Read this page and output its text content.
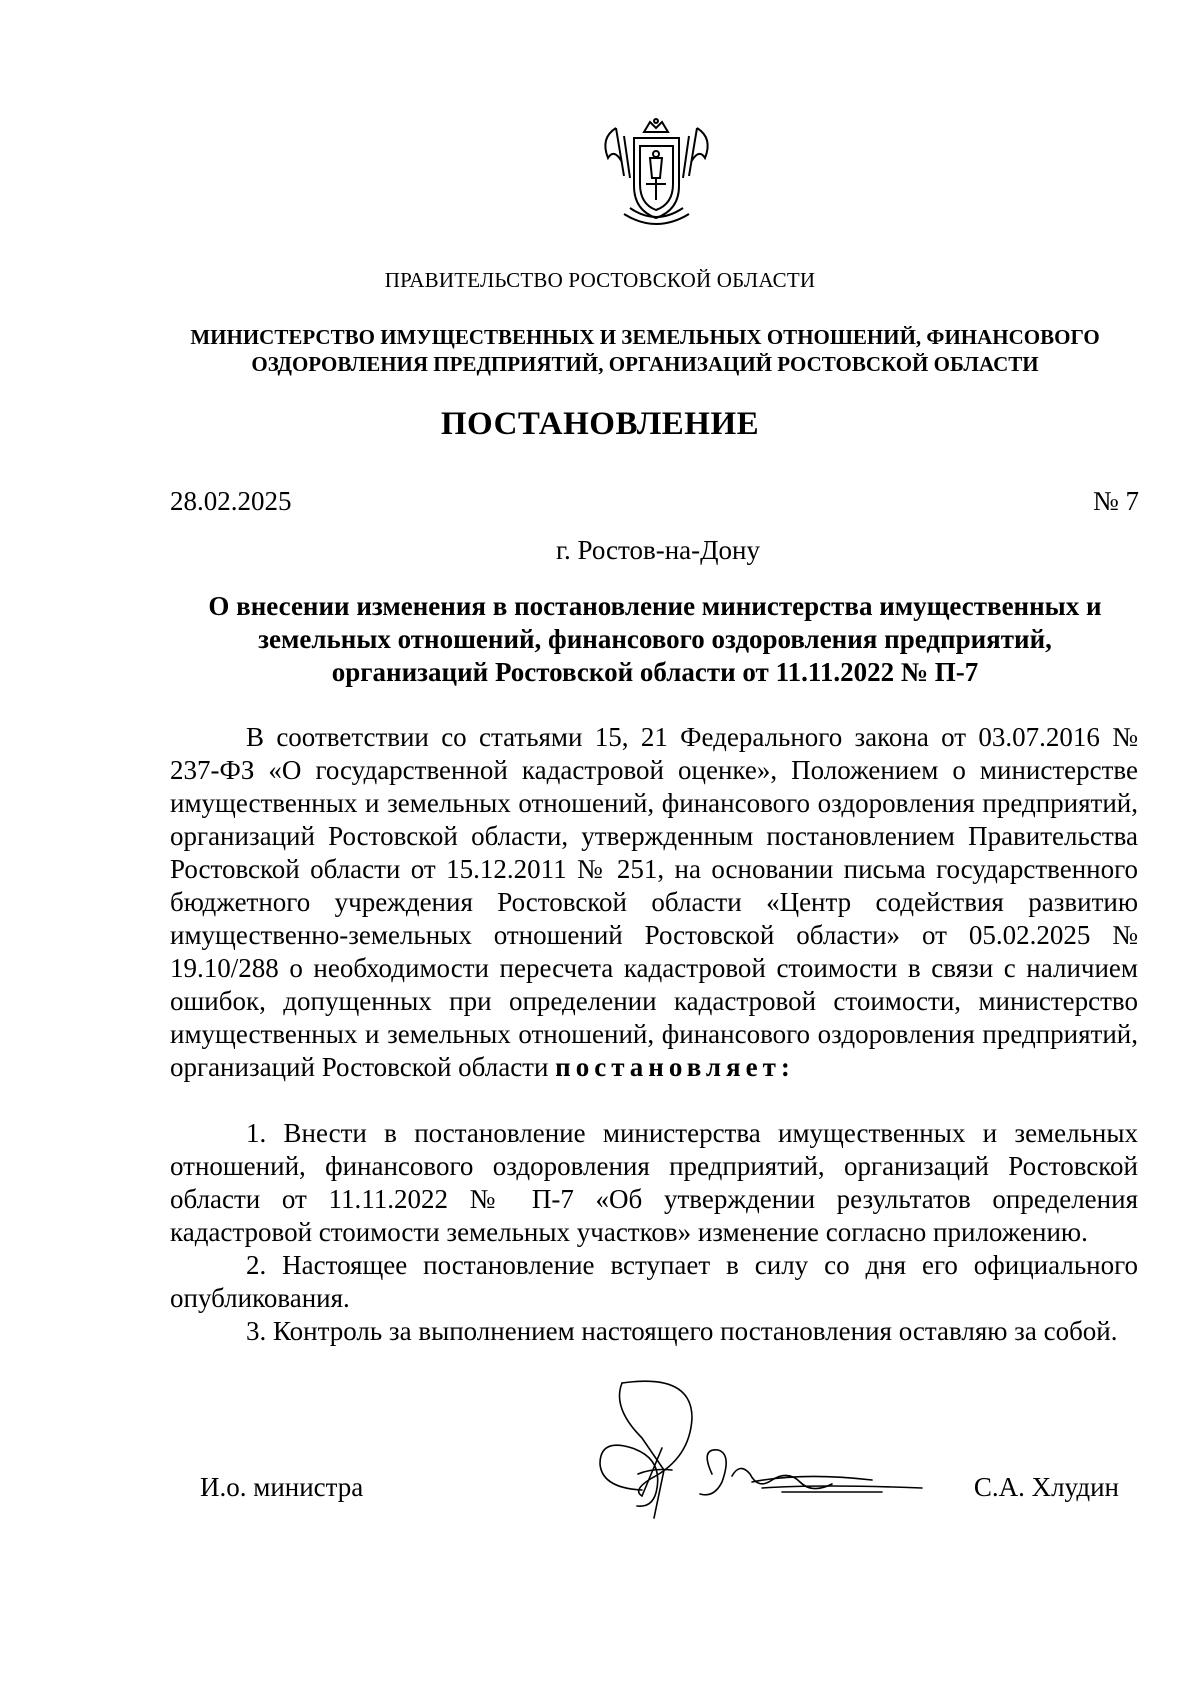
ПРАВИТЕЛЬСТВО РОСТОВСКОЙ ОБЛАСТИ
МИНИСТЕРСТВО ИМУЩЕСТВЕННЫХ И ЗЕМЕЛЬНЫХ ОТНОШЕНИЙ, ФИНАНСОВОГО
ОЗДОРОВЛЕНИЯ ПРЕДПРИЯТИЙ, ОРГАНИЗАЦИЙ РОСТОВСКОЙ ОБЛАСТИ
ПОСТАНОВЛЕНИЕ
28.02.2025	№ 7
г. Ростов-на-Дону
О внесении изменения в постановление министерства имущественных и
земельных отношений, финансового оздоровления предприятий,
организаций Ростовской области от 11.11.2022 № П-7

В соответствии со статьями 15, 21 Федерального закона от 03.07.2016 № 237-ФЗ «О государственной кадастровой оценке», Положением о министерстве имущественных и земельных отношений, финансового оздоровления предприятий, организаций Ростовской области, утвержденным постановлением Правительства Ростовской области от 15.12.2011 № 251, на основании письма государственного бюджетного учреждения Ростовской области «Центр содействия развитию имущественно-земельных отношений Ростовской области» от 05.02.2025 № 19.10/288 о необходимости пересчета кадастровой стоимости в связи с наличием ошибок, допущенных при определении кадастровой стоимости, министерство имущественных и земельных отношений, финансового оздоровления предприятий, организаций Ростовской области постановляет:

1. Внести в постановление министерства имущественных и земельных отношений, финансового оздоровления предприятий, организаций Ростовской области от 11.11.2022 № П-7 «Об утверждении результатов определения кадастровой стоимости земельных участков» изменение согласно приложению.

2. Настоящее постановление вступает в силу со дня его официального опубликования.

3. Контроль за выполнением настоящего постановления оставляю за собой.

И.о. министра	С.А. Хлудин
